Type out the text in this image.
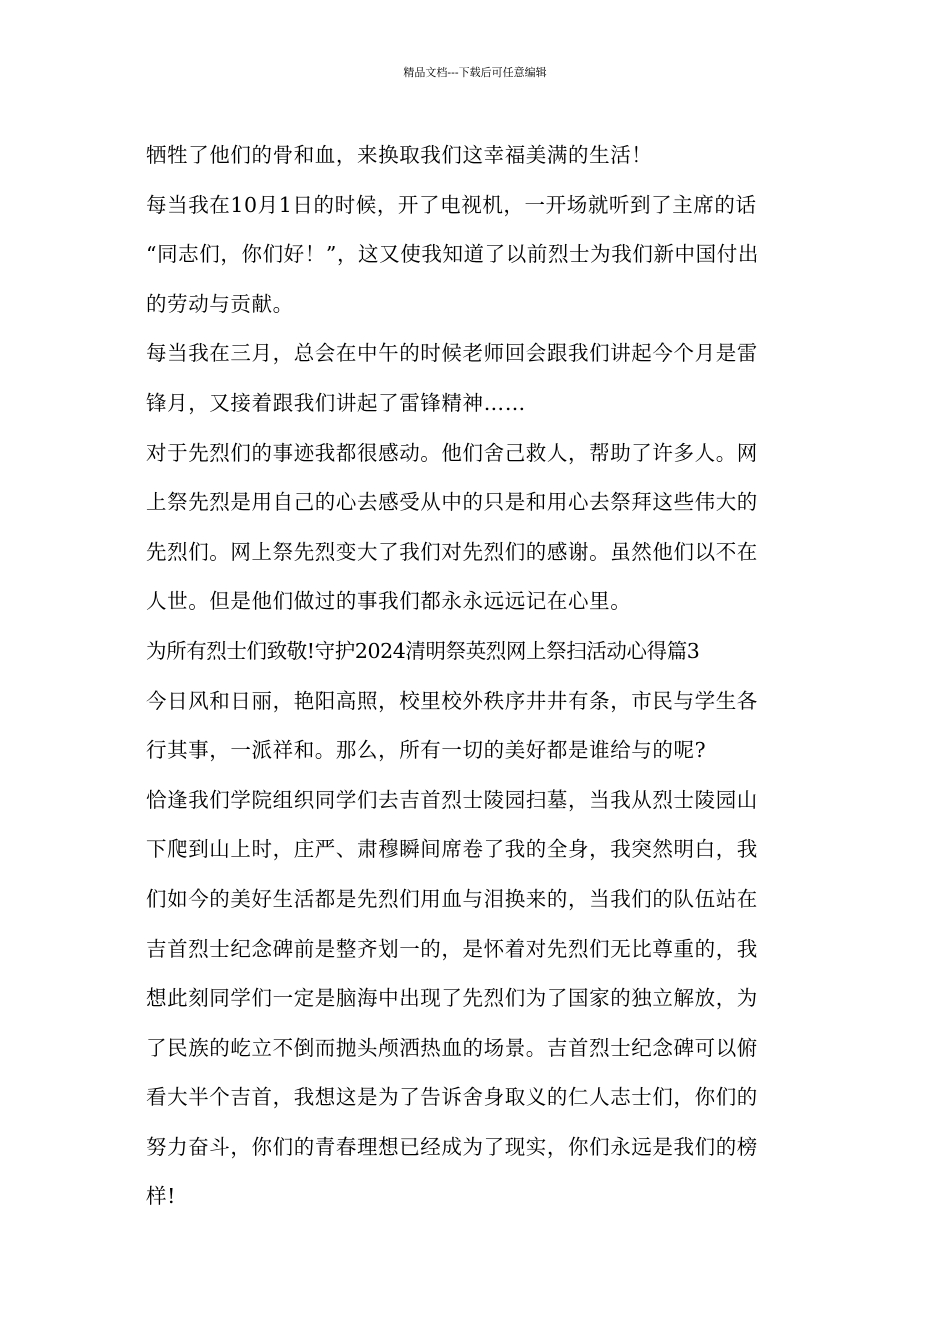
精品文档---下载后可任意编辑
牺牲了他们的骨和血，来换取我们这幸福美满的生活！
每当我在10月1日的时候，开了电视机，一开场就听到了主席的话
“同志们，你们好！”，这又使我知道了以前烈士为我们新中国付出
的劳动与贡献。
每当我在三月，总会在中午的时候老师回会跟我们讲起今个月是雷
锋月，又接着跟我们讲起了雷锋精神……
对于先烈们的事迹我都很感动。他们舍己救人，帮助了许多人。网
上祭先烈是用自己的心去感受从中的只是和用心去祭拜这些伟大的
先烈们。网上祭先烈变大了我们对先烈们的感谢。虽然他们以不在
人世。但是他们做过的事我们都永永远远记在心里。
为所有烈士们致敬!守护2024清明祭英烈网上祭扫活动心得篇3
今日风和日丽，艳阳高照，校里校外秩序井井有条，市民与学生各
行其事，一派祥和。那么，所有一切的美好都是谁给与的呢?
恰逢我们学院组织同学们去吉首烈士陵园扫墓，当我从烈士陵园山
下爬到山上时，庄严、肃穆瞬间席卷了我的全身，我突然明白，我
们如今的美好生活都是先烈们用血与泪换来的，当我们的队伍站在
吉首烈士纪念碑前是整齐划一的，是怀着对先烈们无比尊重的，我
想此刻同学们一定是脑海中出现了先烈们为了国家的独立解放，为
了民族的屹立不倒而抛头颅洒热血的场景。吉首烈士纪念碑可以俯
看大半个吉首，我想这是为了告诉舍身取义的仁人志士们，你们的
努力奋斗，你们的青春理想已经成为了现实，你们永远是我们的榜
样!
